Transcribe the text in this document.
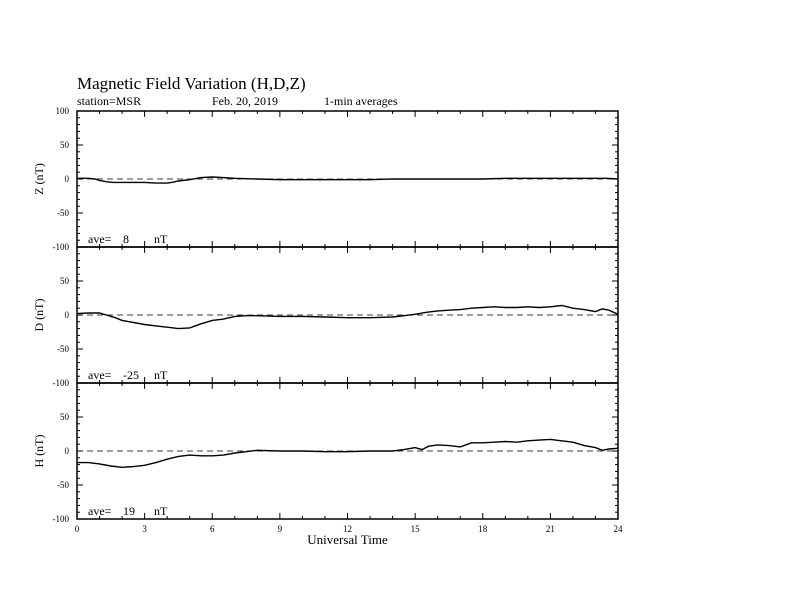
Magnetic Field Variation (H,D,Z)
station=MSR	Feb. 20, 2019	1-min averages
100
50
0
-50
-100
Z (nT)
ave= 8 nT
50
0
-50
-100
D (nT)
ave= -25 nT
50
0
-50
-100
H (nT)
ave= 19 nT
0	3	6	9	12	15	18	21	24
Universal Time
